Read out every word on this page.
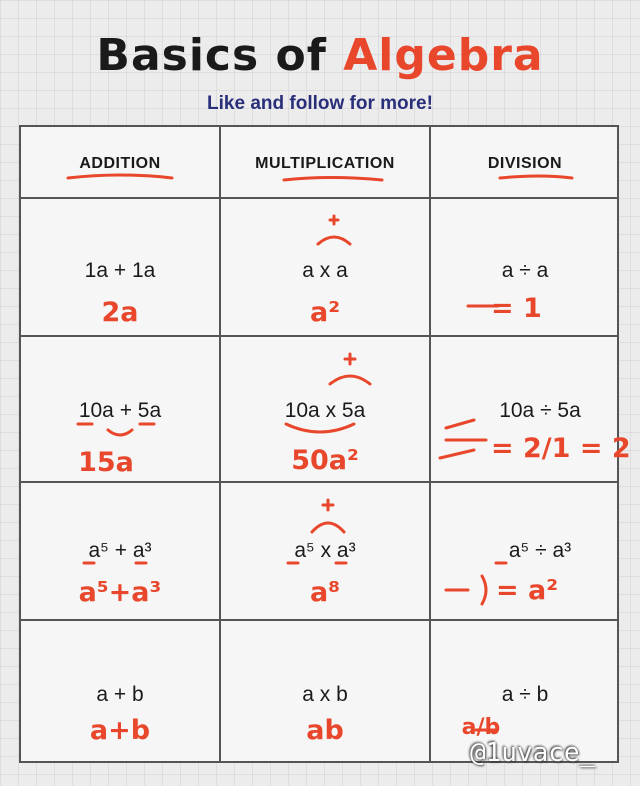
Basics of Algebra
Like and follow for more!
ADDITION	MULTIPLICATION	DIVISION
1a + 1a
2a
a x a
a²
a ÷ a
= 1
10a + 5a
15a
10a x 5a
50a²
10a ÷ 5a
= 2/1 = 2
a⁵ + a³
a⁵+a³
a⁵ x a³
a⁸
a⁵ ÷ a³
= a²
a + b
a+b
a x b
ab
a ÷ b
a/b
@1uvace_
